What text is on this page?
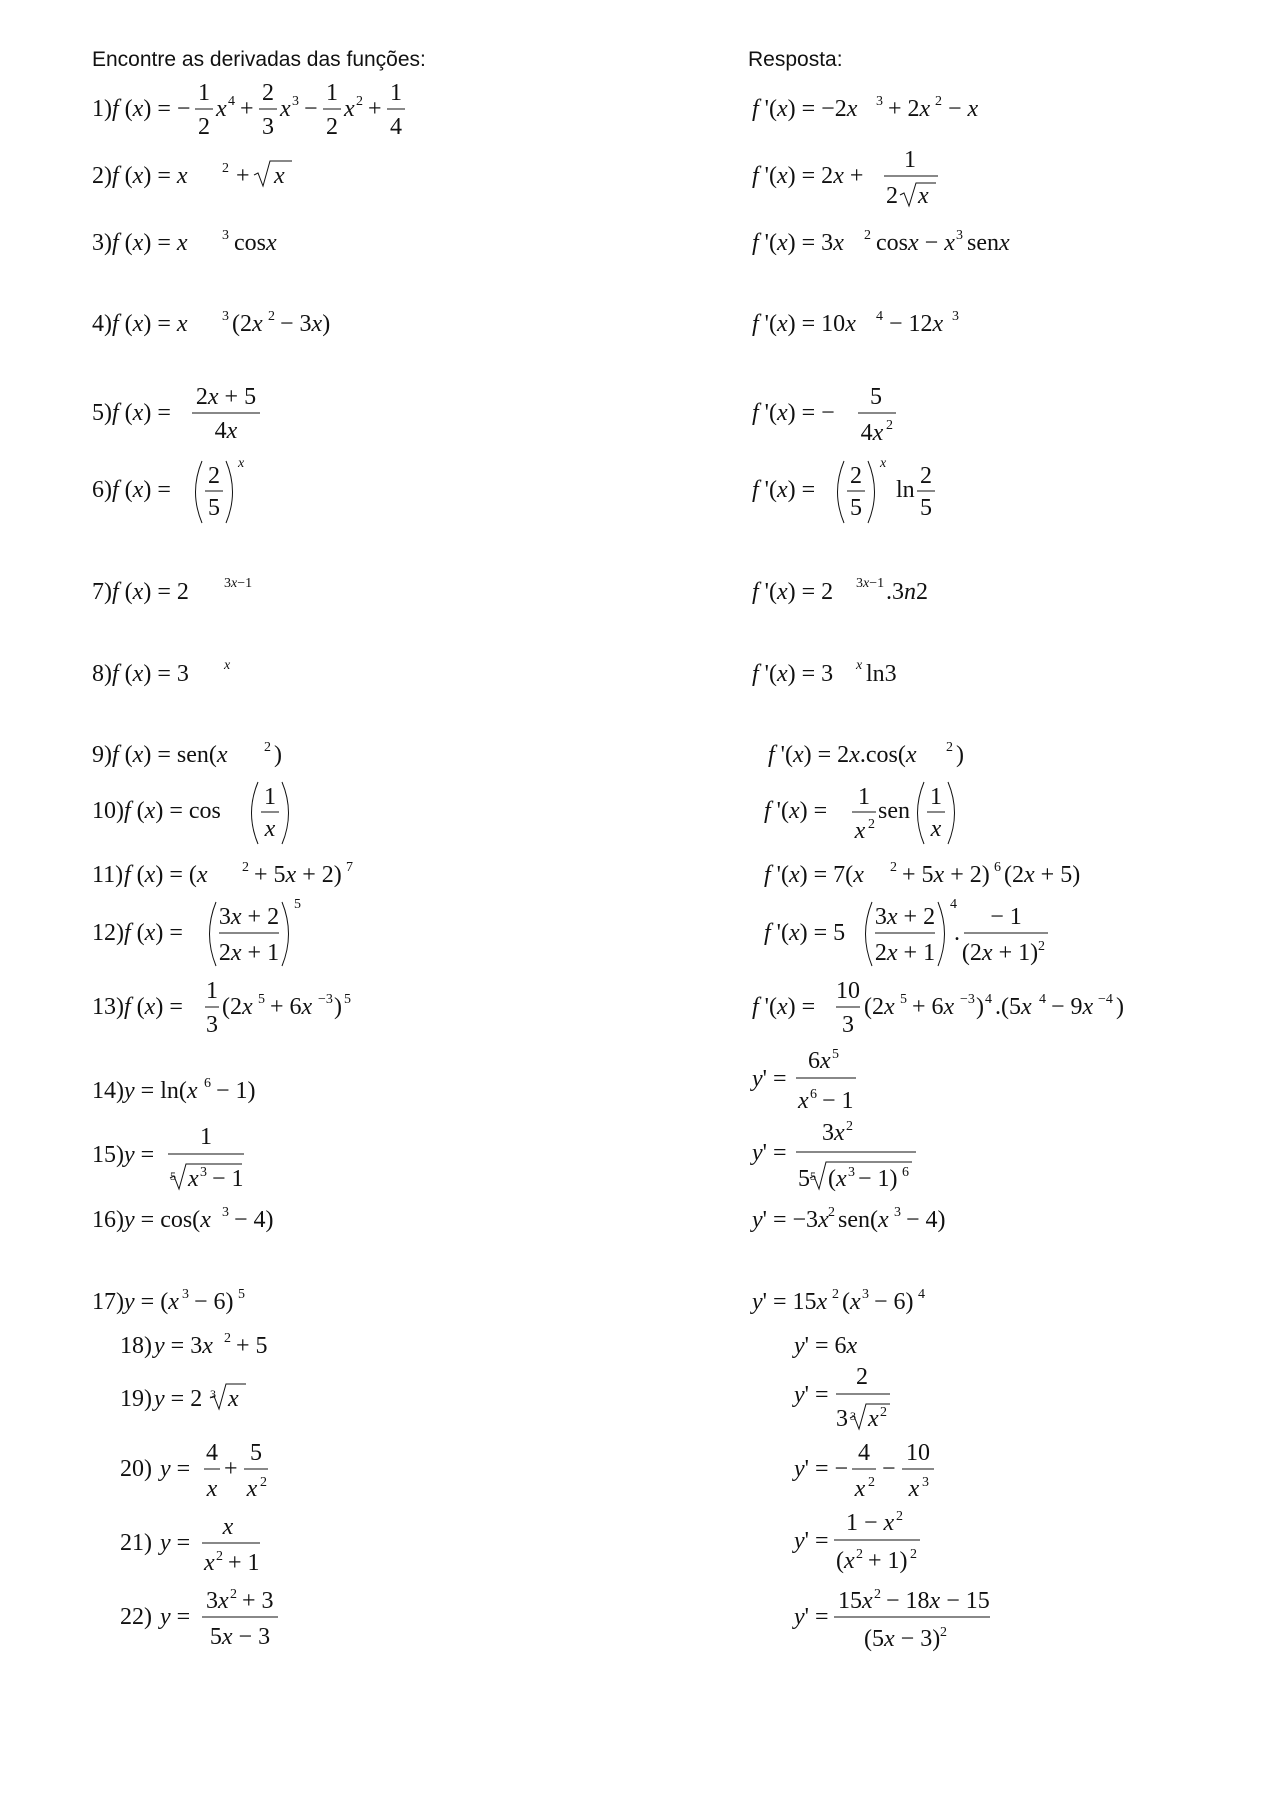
Encontre as derivadas das funções:	Resposta:
1) f (x) = −
1
2
x 4 +
2
3
x 3 −
1
2
x 2 +
1
4
f '(x) = −2x 3 + 2x 2 − x
2) f (x) = x 2 + x	f '(x) = 2x +
1
2 x
3) f (x) = x 3 cosx	f '(x) = 3x 2 cosx − x 3 senx
4) f (x) = x 3 (2x 2 − 3x)	f '(x) = 10x 4 − 12x 3
5) f (x) =
2x + 5
4x
f '(x) = −
5
4x 2
6) f (x) =
2
5
x
f '(x) =
2
5
x
ln
2
5
7) f (x) = 2	3x−1	f '(x) = 2 3x−1 .3n2
8) f (x) = 3	x	f '(x) = 3 x ln3
9) f (x) = sen(x	2 )	f '(x) = 2x.cos(x 2 )
10) f (x) = cos
1
x
f '(x) =
1
x 2
sen
1
x
11) f (x) = (x 2 + 5x + 2) 7	f '(x) = 7(x 2 + 5x + 2) 6 (2x + 5)
12) f (x) =
3x + 2
2x + 1
5
f '(x) = 5
3x + 2
2x + 1
4
.
− 1
(2x + 1) 2
13) f (x) =
1
3
(2x 5 + 6x −3 ) 5	f '(x) =
10
3
(2x 5 + 6x −3 ) 4 .(5x 4 − 9x −4 )
14) y = ln(x 6 − 1)	y' =
6x 5
x 6 − 1
15) y =
1
5 x 3 − 1
y' =
x
3 2
5 5 (x 3 − 1) 6
16) y = cos(x 3 − 4)	y' = −3x 2 sen(x 3 − 4)
17) y = (x 3 − 6) 5	y' = 15x 2 (x 3 − 6) 4
18) y = 3x 2 + 5	y' = 6x
19) y = 2 3 x	y' =
2
3 3 x 2
20) y =
4
x
+
5
x 2
y' = −
4
x 2
−
10
x 3
21) y =
x
x 2 + 1
y' =
1 − x 2
(x 2 + 1) 2
22) y =
3x 2 + 3
5x − 3
y' =
15x 2 − 18x − 15
(5x − 3) 2
